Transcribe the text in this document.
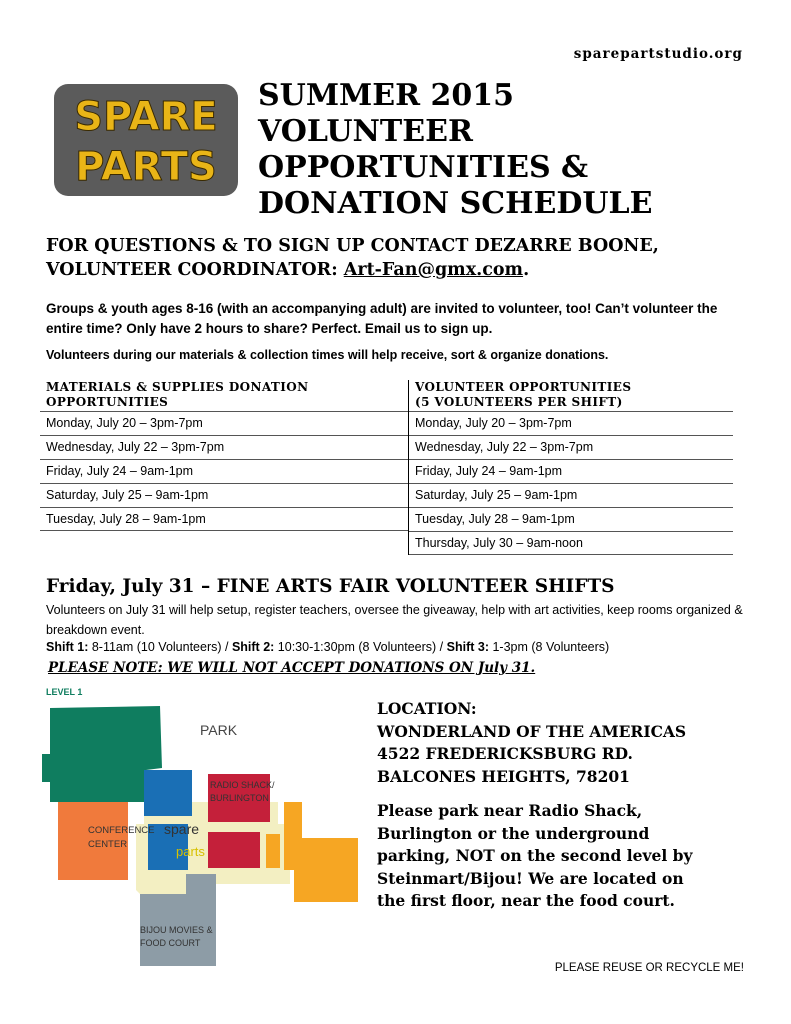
sparepartstudio.org
SPARE
PARTS
SUMMER 2015
VOLUNTEER
OPPORTUNITIES &
DONATION SCHEDULE
FOR QUESTIONS & TO SIGN UP CONTACT DEZARRE BOONE,
VOLUNTEER COORDINATOR: Art-Fan@gmx.com.
Groups & youth ages 8-16 (with an accompanying adult) are invited to volunteer, too! Can’t volunteer the entire time? Only have 2 hours to share? Perfect. Email us to sign up.
Volunteers during our materials & collection times will help receive, sort & organize donations.
MATERIALS & SUPPLIES DONATION
OPPORTUNITIES
Monday, July 20 – 3pm-7pm
Wednesday, July 22 – 3pm-7pm
Friday, July 24 – 9am-1pm
Saturday, July 25 – 9am-1pm
Tuesday, July 28 – 9am-1pm
VOLUNTEER OPPORTUNITIES
(5 VOLUNTEERS PER SHIFT)
Monday, July 20 – 3pm-7pm
Wednesday, July 22 – 3pm-7pm
Friday, July 24 – 9am-1pm
Saturday, July 25 – 9am-1pm
Tuesday, July 28 – 9am-1pm
Thursday, July 30 – 9am-noon
Friday, July 31 – FINE ARTS FAIR VOLUNTEER SHIFTS
Volunteers on July 31 will help setup, register teachers, oversee the giveaway, help with art activities, keep rooms organized & breakdown event.
Shift 1: 8-11am (10 Volunteers) / Shift 2: 10:30-1:30pm (8 Volunteers) / Shift 3: 1-3pm (8 Volunteers)
PLEASE NOTE: WE WILL NOT ACCEPT DONATIONS ON July 31.
LEVEL 1
PARK
RADIO SHACK/
BURLINGTON
CONFERENCE
CENTER
spare
parts
BIJOU MOVIES &
FOOD COURT
LOCATION:
WONDERLAND OF THE AMERICAS
4522 FREDERICKSBURG RD.
BALCONES HEIGHTS, 78201
Please park near Radio Shack,
Burlington or the underground
parking, NOT on the second level by
Steinmart/Bijou! We are located on
the first floor, near the food court.
PLEASE REUSE OR RECYCLE ME!
